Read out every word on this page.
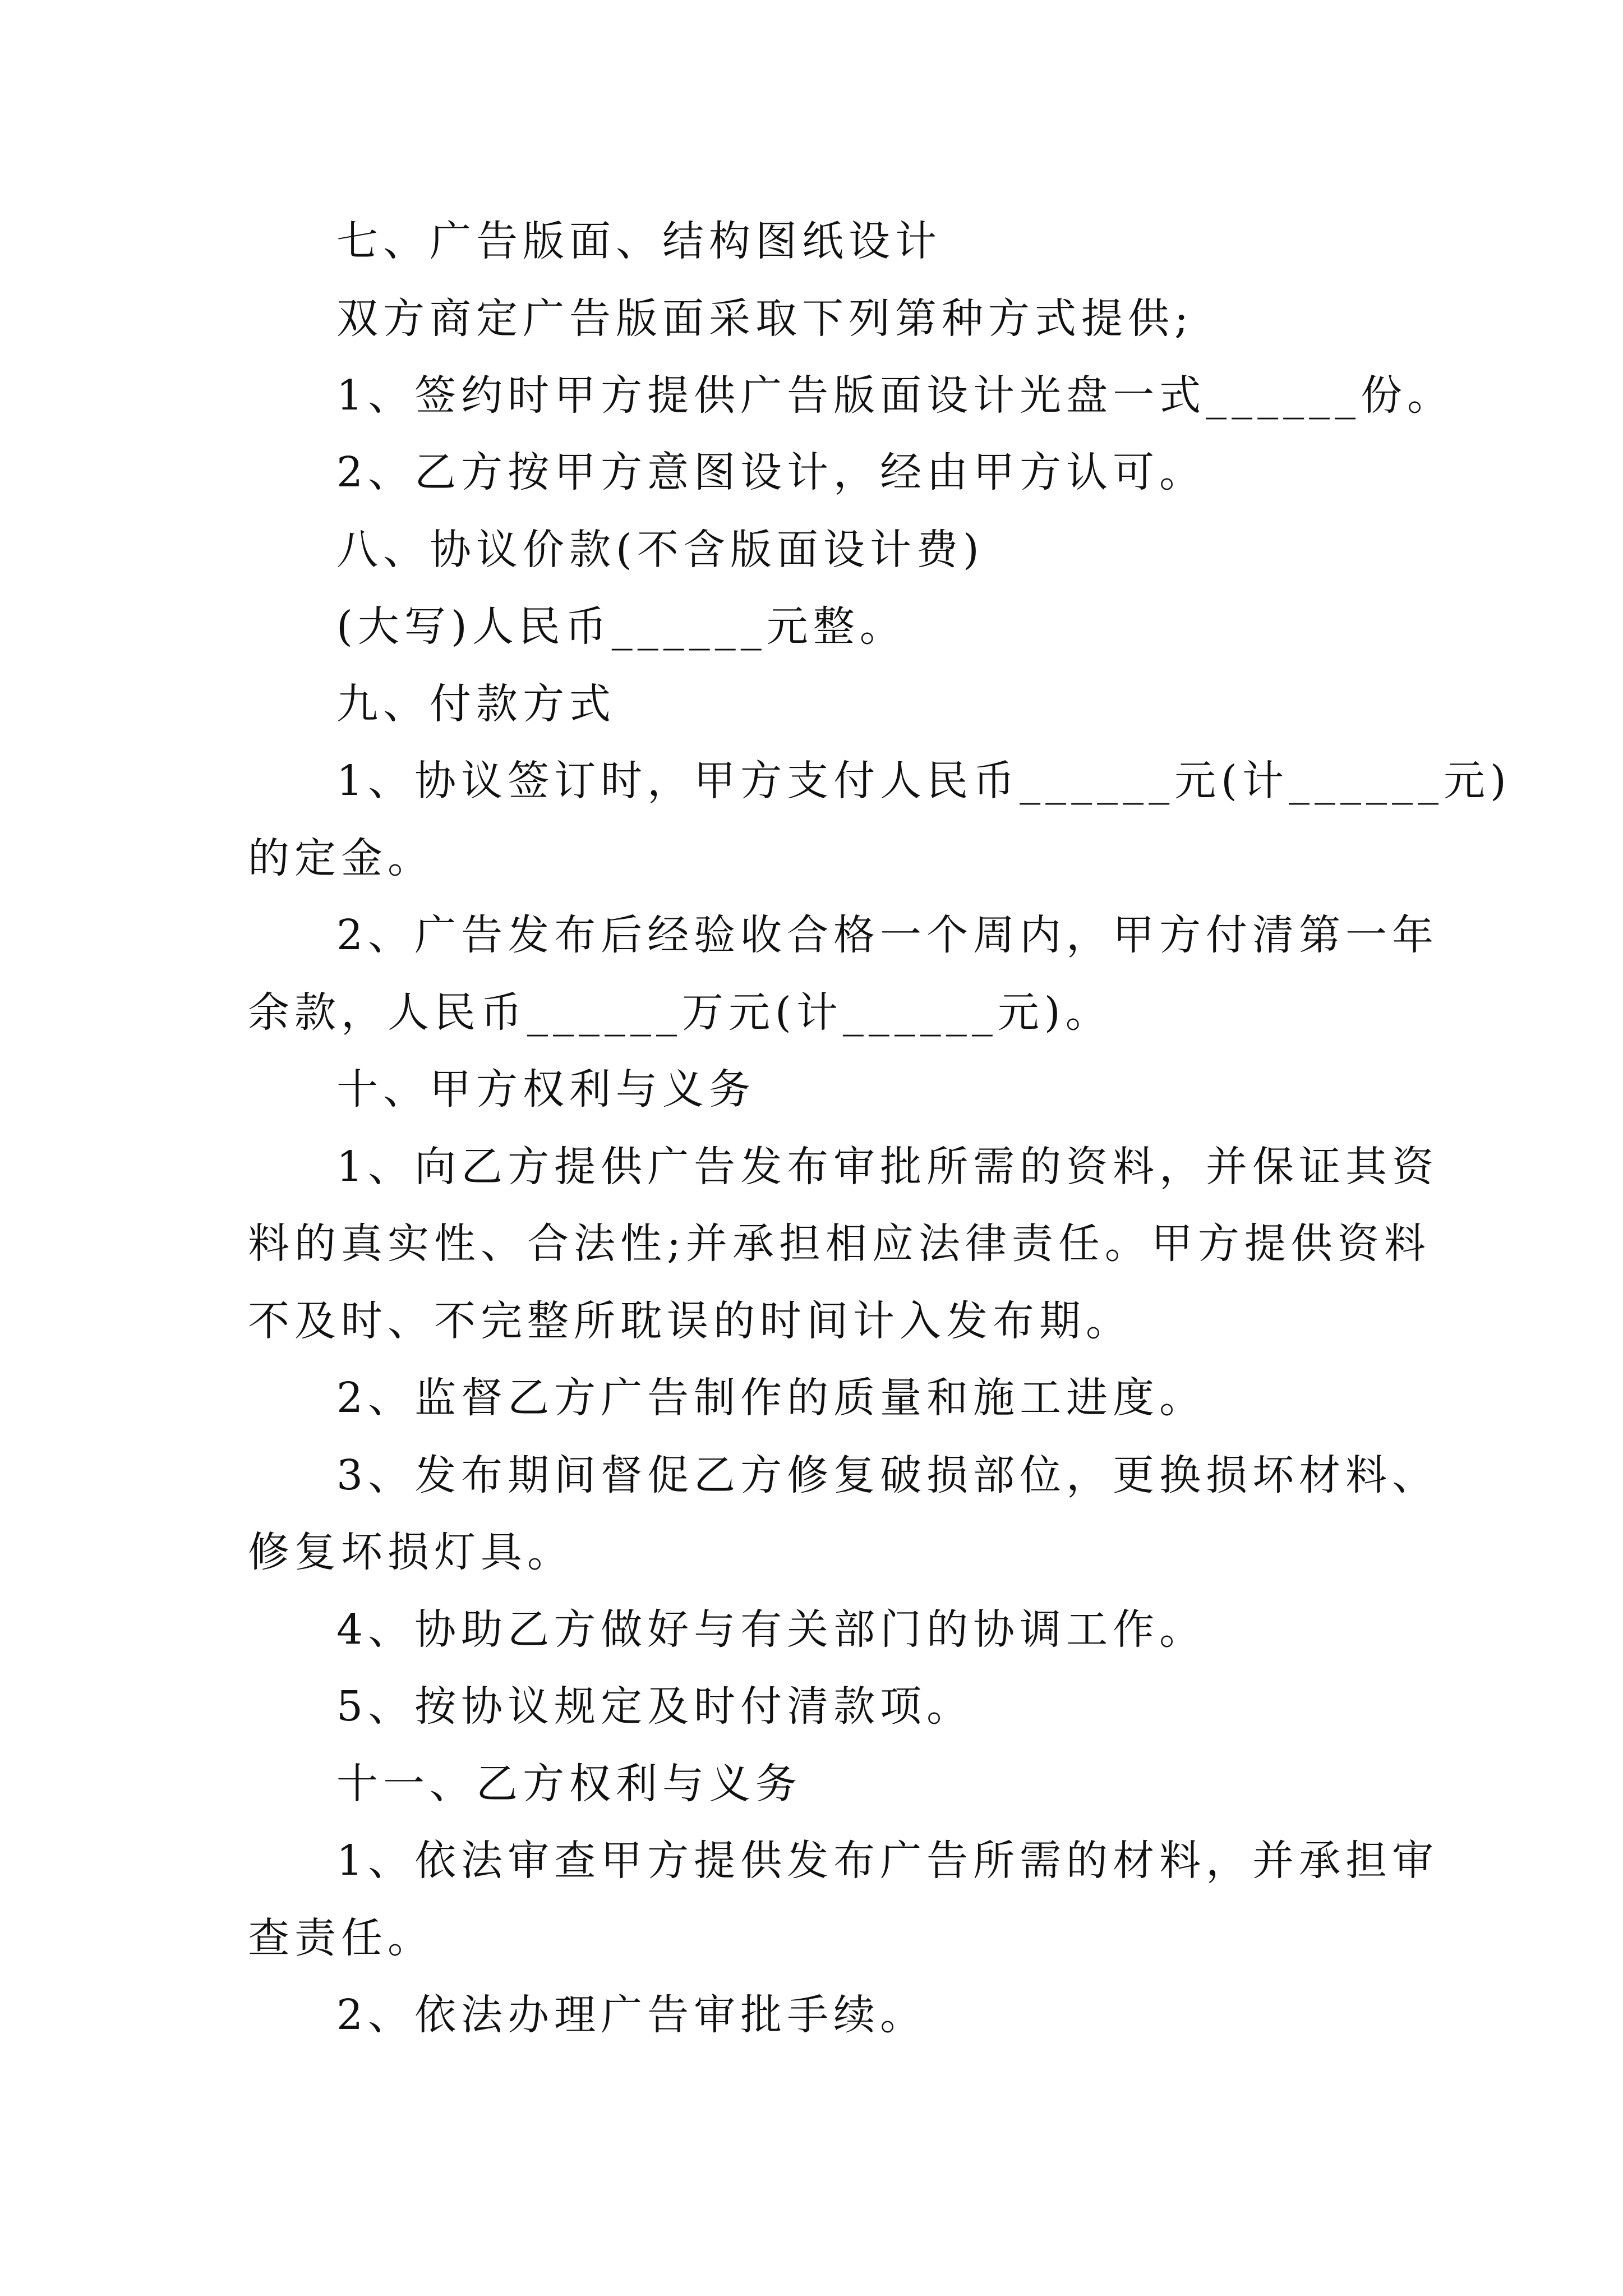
七、广告版面、结构图纸设计
双方商定广告版面采取下列第种方式提供;
1、签约时甲方提供广告版面设计光盘一式______份。
2、乙方按甲方意图设计，经由甲方认可。
八、协议价款(不含版面设计费)
(大写)人民币______元整。
九、付款方式
1、协议签订时，甲方支付人民币______元(计______元)
的定金。
2、广告发布后经验收合格一个周内，甲方付清第一年
余款，人民币______万元(计______元)。
十、甲方权利与义务
1、向乙方提供广告发布审批所需的资料，并保证其资
料的真实性、合法性;并承担相应法律责任。甲方提供资料
不及时、不完整所耽误的时间计入发布期。
2、监督乙方广告制作的质量和施工进度。
3、发布期间督促乙方修复破损部位，更换损坏材料、
修复坏损灯具。
4、协助乙方做好与有关部门的协调工作。
5、按协议规定及时付清款项。
十一、乙方权利与义务
1、依法审查甲方提供发布广告所需的材料，并承担审
查责任。
2、依法办理广告审批手续。
